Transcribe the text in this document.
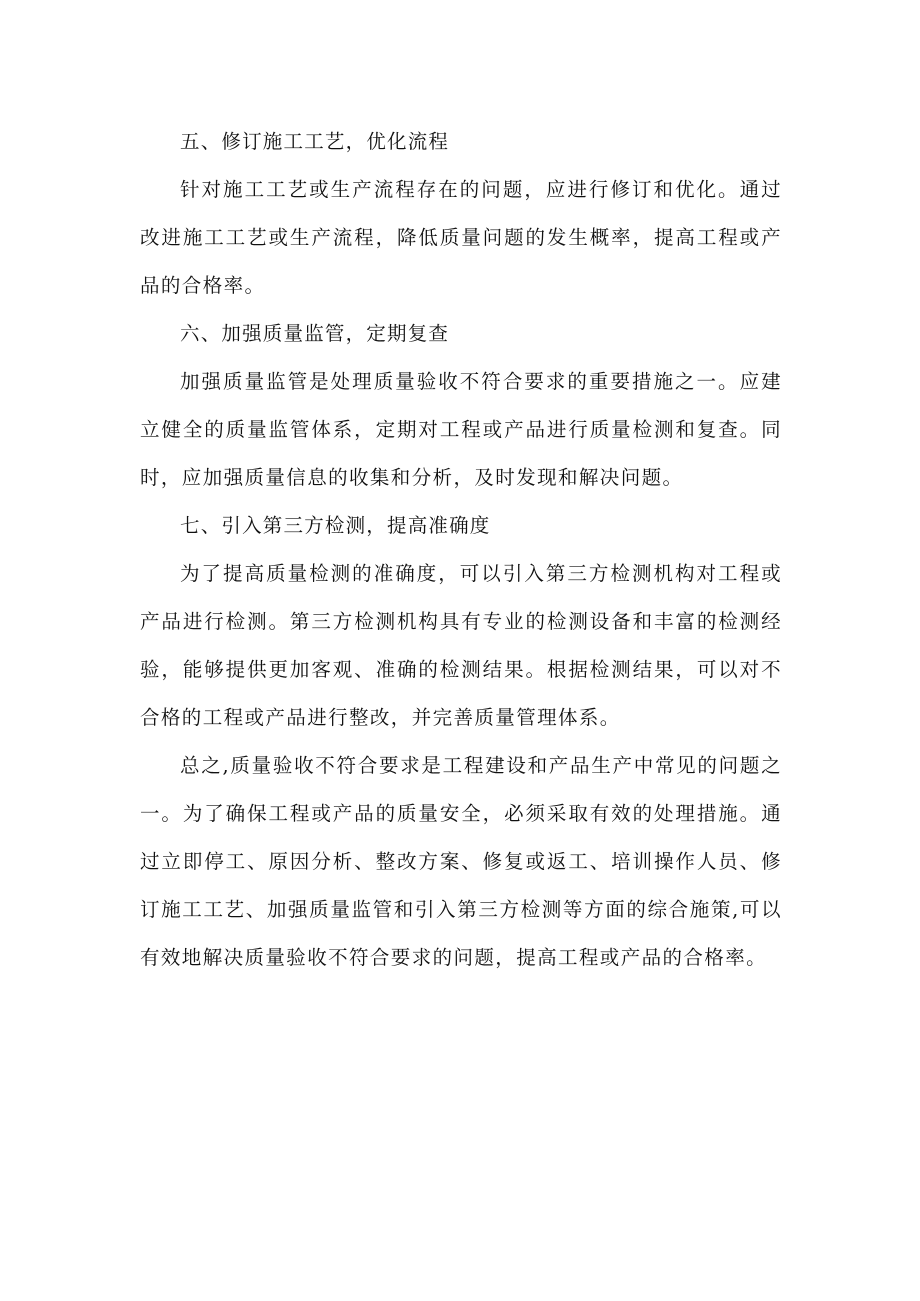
五、修订施工工艺，优化流程

针对施工工艺或生产流程存在的问题，应进行修订和优化。通过改进施工工艺或生产流程，降低质量问题的发生概率，提高工程或产品的合格率。

六、加强质量监管，定期复查

加强质量监管是处理质量验收不符合要求的重要措施之一。应建立健全的质量监管体系，定期对工程或产品进行质量检测和复查。同时，应加强质量信息的收集和分析，及时发现和解决问题。

七、引入第三方检测，提高准确度

为了提高质量检测的准确度，可以引入第三方检测机构对工程或产品进行检测。第三方检测机构具有专业的检测设备和丰富的检测经验，能够提供更加客观、准确的检测结果。根据检测结果，可以对不合格的工程或产品进行整改，并完善质量管理体系。

总之,质量验收不符合要求是工程建设和产品生产中常见的问题之一。为了确保工程或产品的质量安全，必须采取有效的处理措施。通过立即停工、原因分析、整改方案、修复或返工、培训操作人员、修订施工工艺、加强质量监管和引入第三方检测等方面的综合施策,可以有效地解决质量验收不符合要求的问题，提高工程或产品的合格率。
